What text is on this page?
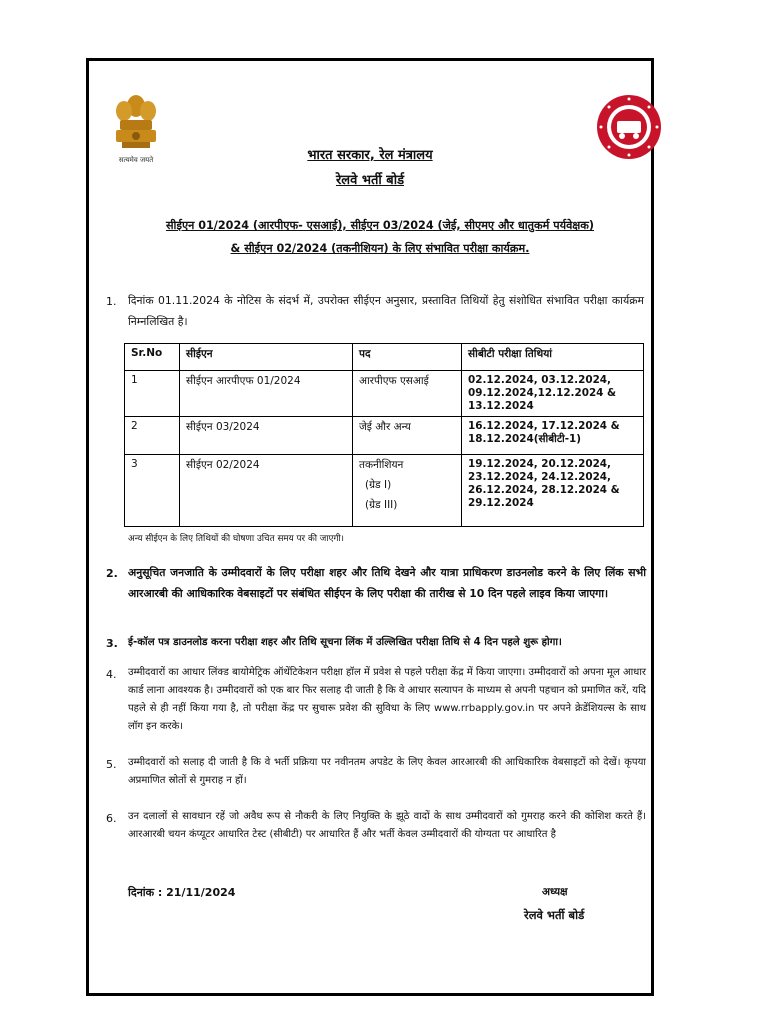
सत्यमेव जयते	भारत सरकार, रेल मंत्रालय
रेलवे भर्ती बोर्ड
सीईएन 01/2024 (आरपीएफ- एसआई), सीईएन 03/2024 (जेई, सीएमए और धातुकर्म पर्यवेक्षक)
& सीईएन 02/2024 (तकनीशियन) के लिए संभावित परीक्षा कार्यक्रम.
1. दिनांक 01.11.2024 के नोटिस के संदर्भ में, उपरोक्त सीईएन अनुसार, प्रस्तावित तिथियों हेतु संशोधित संभावित परीक्षा कार्यक्रम निम्नलिखित है।
Sr.No	सीईएन	पद	सीबीटी परीक्षा तिथियां
1	सीईएन आरपीएफ 01/2024	आरपीएफ एसआई	02.12.2024, 03.12.2024, 09.12.2024,12.12.2024 & 13.12.2024
2	सीईएन 03/2024	जेई और अन्य	16.12.2024, 17.12.2024 & 18.12.2024(सीबीटी-1)
3	सीईएन 02/2024	तकनीशियन
(ग्रेड I)
(ग्रेड III)	19.12.2024, 20.12.2024, 23.12.2024, 24.12.2024, 26.12.2024, 28.12.2024 & 29.12.2024
अन्य सीईएन के लिए तिथियों की घोषणा उचित समय पर की जाएगी।
2. अनुसूचित जनजाति के उम्मीदवारों के लिए परीक्षा शहर और तिथि देखने और यात्रा प्राधिकरण डाउनलोड करने के लिए लिंक सभी आरआरबी की आधिकारिक वेबसाइटों पर संबंधित सीईएन के लिए परीक्षा की तारीख से 10 दिन पहले लाइव किया जाएगा।
3. ई-कॉल पत्र डाउनलोड करना परीक्षा शहर और तिथि सूचना लिंक में उल्लिखित परीक्षा तिथि से 4 दिन पहले शुरू होगा।
4. उम्मीदवारों का आधार लिंक्ड बायोमेट्रिक ऑथेंटिकेशन परीक्षा हॉल में प्रवेश से पहले परीक्षा केंद्र में किया जाएगा। उम्मीदवारों को अपना मूल आधार कार्ड लाना आवश्यक है। उम्मीदवारों को एक बार फिर सलाह दी जाती है कि वे आधार सत्यापन के माध्यम से अपनी पहचान को प्रमाणित करें, यदि पहले से ही नहीं किया गया है, तो परीक्षा केंद्र पर सुचारू प्रवेश की सुविधा के लिए www.rrbapply.gov.in पर अपने क्रेडेंशियल्स के साथ लॉग इन करके।
5. उम्मीदवारों को सलाह दी जाती है कि वे भर्ती प्रक्रिया पर नवीनतम अपडेट के लिए केवल आरआरबी की आधिकारिक वेबसाइटों को देखें। कृपया अप्रमाणित स्रोतों से गुमराह न हों।
6. उन दलालों से सावधान रहें जो अवैध रूप से नौकरी के लिए नियुक्ति के झूठे वादों के साथ उम्मीदवारों को गुमराह करने की कोशिश करते हैं। आरआरबी चयन कंप्यूटर आधारित टेस्ट (सीबीटी) पर आधारित हैं और भर्ती केवल उम्मीदवारों की योग्यता पर आधारित है
दिनांक : 21/11/2024	अध्यक्ष
रेलवे भर्ती बोर्ड
